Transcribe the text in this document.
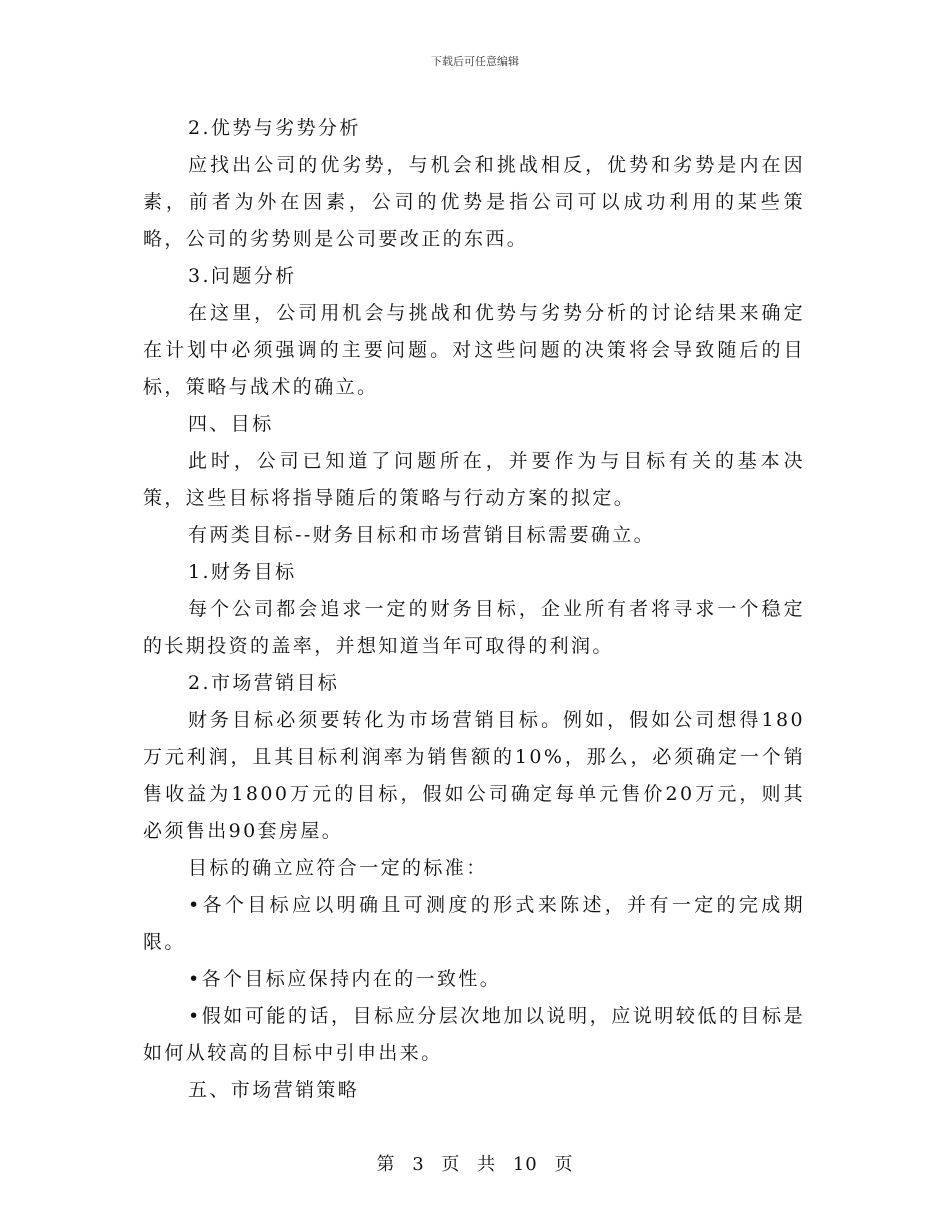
下载后可任意编辑

2.优势与劣势分析

应找出公司的优劣势，与机会和挑战相反，优势和劣势是内在因素，前者为外在因素，公司的优势是指公司可以成功利用的某些策略，公司的劣势则是公司要改正的东西。

3.问题分析

在这里，公司用机会与挑战和优势与劣势分析的讨论结果来确定在计划中必须强调的主要问题。对这些问题的决策将会导致随后的目标，策略与战术的确立。

四、目标

此时，公司已知道了问题所在，并要作为与目标有关的基本决策，这些目标将指导随后的策略与行动方案的拟定。

有两类目标--财务目标和市场营销目标需要确立。

1.财务目标

每个公司都会追求一定的财务目标，企业所有者将寻求一个稳定的长期投资的盖率，并想知道当年可取得的利润。

2.市场营销目标

财务目标必须要转化为市场营销目标。例如，假如公司想得180万元利润，且其目标利润率为销售额的10%，那么，必须确定一个销售收益为1800万元的目标，假如公司确定每单元售价20万元，则其必须售出90套房屋。

目标的确立应符合一定的标准：

•各个目标应以明确且可测度的形式来陈述，并有一定的完成期限。

•各个目标应保持内在的一致性。

•假如可能的话，目标应分层次地加以说明，应说明较低的目标是如何从较高的目标中引申出来。

五、市场营销策略

第 3 页 共 10 页
